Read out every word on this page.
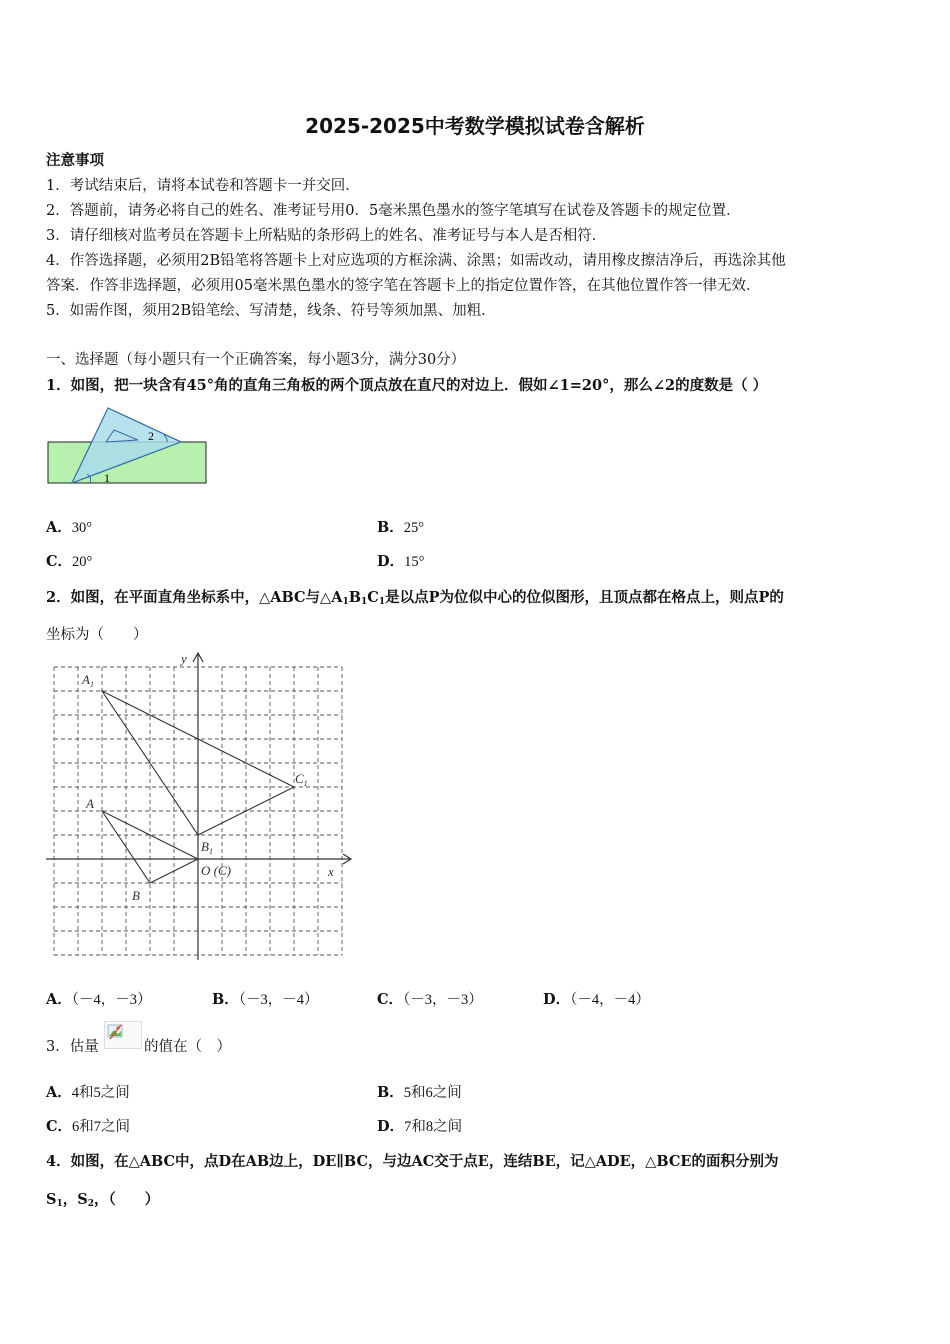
2025-2025中考数学模拟试卷含解析
注意事项
1．考试结束后，请将本试卷和答题卡一并交回．
2．答题前，请务必将自己的姓名、准考证号用0．5毫米黑色墨水的签字笔填写在试卷及答题卡的规定位置．
3．请仔细核对监考员在答题卡上所粘贴的条形码上的姓名、准考证号与本人是否相符．
4．作答选择题，必须用2B铅笔将答题卡上对应选项的方框涂满、涂黑；如需改动，请用橡皮擦洁净后，再选涂其他
答案．作答非选择题，必须用05毫米黑色墨水的签字笔在答题卡上的指定位置作答，在其他位置作答一律无效．
5．如需作图，须用2B铅笔绘、写清楚，线条、符号等须加黑、加粗．
一、选择题（每小题只有一个正确答案，每小题3分，满分30分）
1．如图，把一块含有45°角的直角三角板的两个顶点放在直尺的对边上．假如∠1=20°，那么∠2的度数是（ ）
1
2
A．30°	B．25°
C．20°	D．15°
2．如图，在平面直角坐标系中，△ABC与$\triangle A_1B_1C_1$是以点P为位似中心的位似图形，且顶点都在格点上，则点P的
坐标为（　　）
y
x
$A_1$
$C_1$
A
$B_1$
B
O (C)
A．（－4，－3）	B．（－3，－4）	C．（－3，－3）	D．（－4，－4）
3．估量	的值在（　）
A．4和5之间	B．5和6之间
C．6和7之间	D．7和8之间
4．如图，在△ABC中，点D在AB边上，DE∥BC，与边AC交于点E，连结BE，记△ADE，△BCE的面积分别为
$S_1$，$S_2$，（　　）
